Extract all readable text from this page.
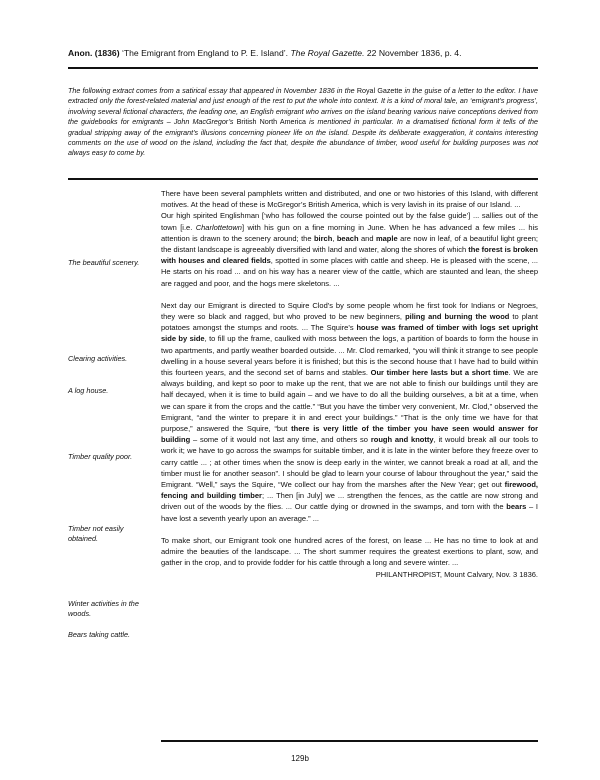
Anon. (1836) ‘The Emigrant from England to P. E. Island’. The Royal Gazette. 22 November 1836, p. 4.
The following extract comes from a satirical essay that appeared in November 1836 in the Royal Gazette in the guise of a letter to the editor. I have extracted only the forest-related material and just enough of the rest to put the whole into context. It is a kind of moral tale, an ‘emigrant’s progress’, involving several fictional characters, the leading one, an English emigrant who arrives on the island bearing various naive conceptions derived from the guidebooks for emigrants – John MacGregor’s British North America is mentioned in particular. In a dramatised fictional form it tells of the gradual stripping away of the emigrant’s illusions concerning pioneer life on the island. Despite its deliberate exaggeration, it contains interesting comments on the use of wood on the island, including the fact that, despite the abundance of timber, wood useful for building purposes was not always easy to come by.
The beautiful scenery.
Clearing activities.
A log house.
Timber quality poor.
Timber not easily obtained.
Winter activities in the woods.
Bears taking cattle.

There have been several pamphlets written and distributed, and one or two histories of this Island, with different motives. At the head of these is McGregor’s British America, which is very lavish in its praise of our Island. ...

Our high spirited Englishman [‘who has followed the course pointed out by the false guide’] ... sallies out of the town [i.e. Charlottetown] with his gun on a fine morning in June. When he has advanced a few miles ... his attention is drawn to the scenery around; the birch, beach and maple are now in leaf, of a beautiful light green; the distant landscape is agreeably diversified with land and water, along the shores of which the forest is broken with houses and cleared fields, spotted in some places with cattle and sheep. He is pleased with the scene, ... He starts on his road ... and on his way has a nearer view of the cattle, which are staunted and lean, the sheep are ragged and poor, and the hogs mere skeletons. ...

Next day our Emigrant is directed to Squire Clod’s by some people whom he first took for Indians or Negroes, they were so black and ragged, but who proved to be new beginners, piling and burning the wood to plant potatoes amongst the stumps and roots. ... The Squire’s house was framed of timber with logs set upright side by side, to fill up the frame, caulked with moss between the logs, a partition of boards to form the house in two apartments, and partly weather boarded outside. ... Mr. Clod remarked, “you will think it strange to see people dwelling in a house several years before it is finished; but this is the second house that I have had to build within this fourteen years, and the second set of barns and stables. Our timber here lasts but a short time. We are always building, and kept so poor to make up the rent, that we are not able to finish our buildings until they are half decayed, when it is time to build again – and we have to do all the building ourselves, a bit at a time, when we can spare it from the crops and the cattle.” “But you have the timber very convenient, Mr. Clod,” observed the Emigrant, “and the winter to prepare it in and erect your buildings.” “That is the only time we have for that purpose,” answered the Squire, “but there is very little of the timber you have seen would answer for building – some of it would not last any time, and others so rough and knotty, it would break all our tools to work it; we have to go across the swamps for suitable timber, and it is late in the winter before they freeze over to carry cattle ... ; at other times when the snow is deep early in the winter, we cannot break a road at all, and the timber must lie for another season”. I should be glad to learn your course of labour throughout the year,” said the Emigrant. “Well,” says the Squire, “We collect our hay from the marshes after the New Year; get out firewood, fencing and building timber; ... Then [in July] we ... strengthen the fences, as the cattle are now strong and driven out of the woods by the flies. ... Our cattle dying or drowned in the swamps, and torn with the bears – I have lost a seventh yearly upon an average.” ...

To make short, our Emigrant took one hundred acres of the forest, on lease ... He has no time to look at and admire the beauties of the landscape. ... The short summer requires the greatest exertions to plant, sow, and gather in the crop, and to provide fodder for his cattle through a long and severe winter. ...

PHILANTHROPIST, Mount Calvary, Nov. 3 1836.

129b
